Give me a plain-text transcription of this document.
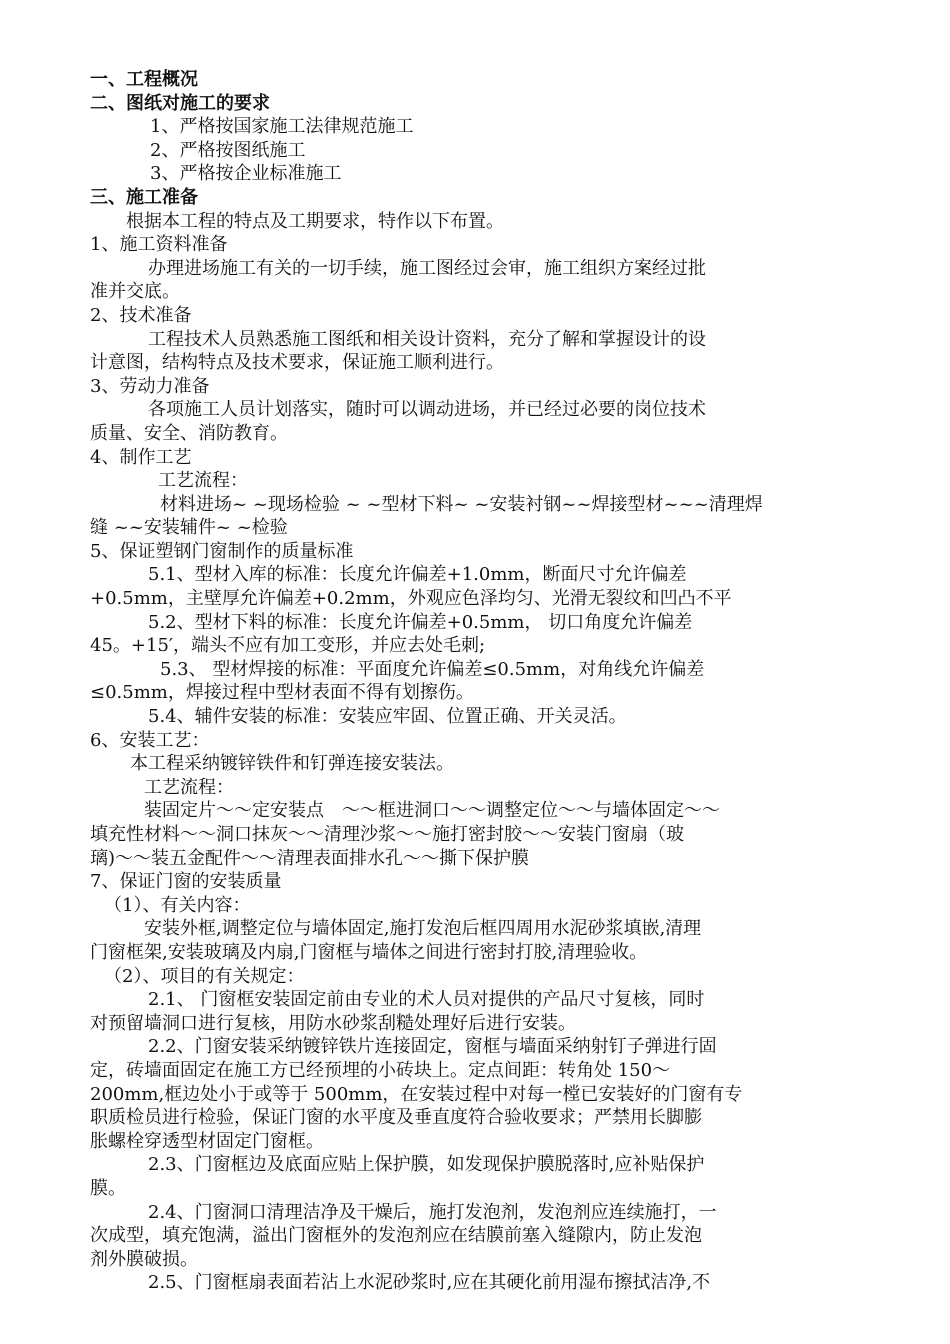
一、工程概况
二、图纸对施工的要求
1、严格按国家施工法律规范施工
2、严格按图纸施工
3、严格按企业标准施工
三、施工准备
根据本工程的特点及工期要求，特作以下布置。
1、施工资料准备
办理进场施工有关的一切手续，施工图经过会审，施工组织方案经过批
准并交底。
2、技术准备
工程技术人员熟悉施工图纸和相关设计资料，充分了解和掌握设计的设
计意图，结构特点及技术要求，保证施工顺利进行。
3、劳动力准备
各项施工人员计划落实，随时可以调动进场，并已经过必要的岗位技术
质量、安全、消防教育。
4、制作工艺
工艺流程：
材料进场~ ~现场检验 ~ ~型材下料~ ~安装衬钢~~焊接型材~~~清理焊
缝 ~~安装辅件~ ~检验
5、保证塑钢门窗制作的质量标准
5.1、型材入库的标准：长度允许偏差+1.0mm，断面尺寸允许偏差
+0.5mm，主壁厚允许偏差+0.2mm，外观应色泽均匀、光滑无裂纹和凹凸不平
5.2、型材下料的标准：长度允许偏差+0.5mm， 切口角度允许偏差
45。+15′，端头不应有加工变形，并应去处毛刺;
5.3、 型材焊接的标准：平面度允许偏差≤0.5mm，对角线允许偏差
≤0.5mm，焊接过程中型材表面不得有划擦伤。
5.4、辅件安装的标准：安装应牢固、位置正确、开关灵活。
6、安装工艺：
本工程采纳镀锌铁件和钉弹连接安装法。
工艺流程：
装固定片～～定安装点　～～框进洞口～～调整定位～～与墙体固定～～
填充性材料～～洞口抹灰～～清理沙浆～～施打密封胶～～安装门窗扇（玻
璃)～～装五金配件～～清理表面排水孔～～撕下保护膜
7、保证门窗的安装质量
（1）、有关内容：
安装外框,调整定位与墙体固定,施打发泡后框四周用水泥砂浆填嵌,清理
门窗框架,安装玻璃及内扇,门窗框与墙体之间进行密封打胶,清理验收。
（2）、项目的有关规定：
2.1、 门窗框安装固定前由专业的术人员对提供的产品尺寸复核，同时
对预留墙洞口进行复核，用防水砂浆刮糙处理好后进行安装。
2.2、门窗安装采纳镀锌铁片连接固定，窗框与墙面采纳射钉子弹进行固
定，砖墙面固定在施工方已经预埋的小砖块上。定点间距：转角处 150～
200mm,框边处小于或等于 500mm，在安装过程中对每一樘已安装好的门窗有专
职质检员进行检验，保证门窗的水平度及垂直度符合验收要求；严禁用长脚膨
胀螺栓穿透型材固定门窗框。
2.3、门窗框边及底面应贴上保护膜，如发现保护膜脱落时,应补贴保护
膜。
2.4、门窗洞口清理洁净及干燥后，施打发泡剂，发泡剂应连续施打，一
次成型，填充饱满，溢出门窗框外的发泡剂应在结膜前塞入缝隙内，防止发泡
剂外膜破损。
2.5、门窗框扇表面若沾上水泥砂浆时,应在其硬化前用湿布擦拭洁净,不
